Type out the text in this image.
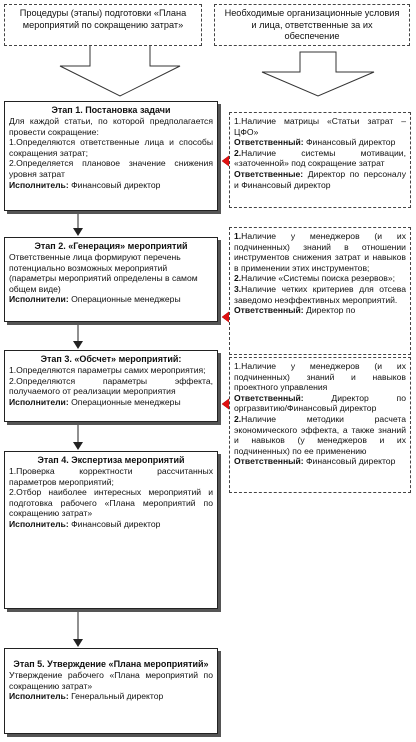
Процедуры (этапы) подготовки «Плана мероприятий по сокращению затрат»
Необходимые организационные условия и лица, ответственные за их обеспечение

Этап 1. Постановка задачи

Для каждой статьи, по которой предполагается провести сокращение:

1.Определяются ответственные лица и способы сокращения затрат;

2.Определяется плановое значение снижения уровня затрат

Исполнитель: Финансовый директор

1.Наличие матрицы «Статьи затрат – ЦФО»

Ответственный: Финансовый директор

2.Наличие системы мотивации, «заточенной» под сокращение затрат

Ответственные: Директор по персоналу и Финансовый директор

Этап 2. «Генерация» мероприятий

Ответственные лица формируют перечень потенциально возможных мероприятий (параметры мероприятий определены в самом общем виде)

Исполнители: Операционные менеджеры

1.Наличие у менеджеров (и их подчиненных) знаний в отношении инструментов снижения затрат и навыков в применении этих инструментов;

2.Наличие «Системы поиска резервов»;

3.Наличие четких критериев для отсева заведомо неэффективных мероприятий.

Ответственный: Директор по

Этап 3. «Обсчет» мероприятий:

1.Определяются параметры самих мероприятия;

2.Определяются параметры эффекта, получаемого от реализации мероприятия

Исполнители: Операционные менеджеры

1.Наличие у менеджеров (и их подчиненных) знаний и навыков проектного управления

Ответственный: Директор по оргразвитию/Финансовый директор

2.Наличие методики расчета экономического эффекта, а также знаний и навыков (у менеджеров и их подчиненных) по ее применению

Ответственный: Финансовый директор

Этап 4. Экспертиза мероприятий

1.Проверка корректности рассчитанных параметров мероприятий;

2.Отбор наиболее интересных мероприятий и подготовка рабочего «Плана мероприятий по сокращению затрат»

Исполнитель: Финансовый директор

Этап 5. Утверждение «Плана мероприятий»

Утверждение рабочего «Плана мероприятий по сокращению затрат»

Исполнитель: Генеральный директор
